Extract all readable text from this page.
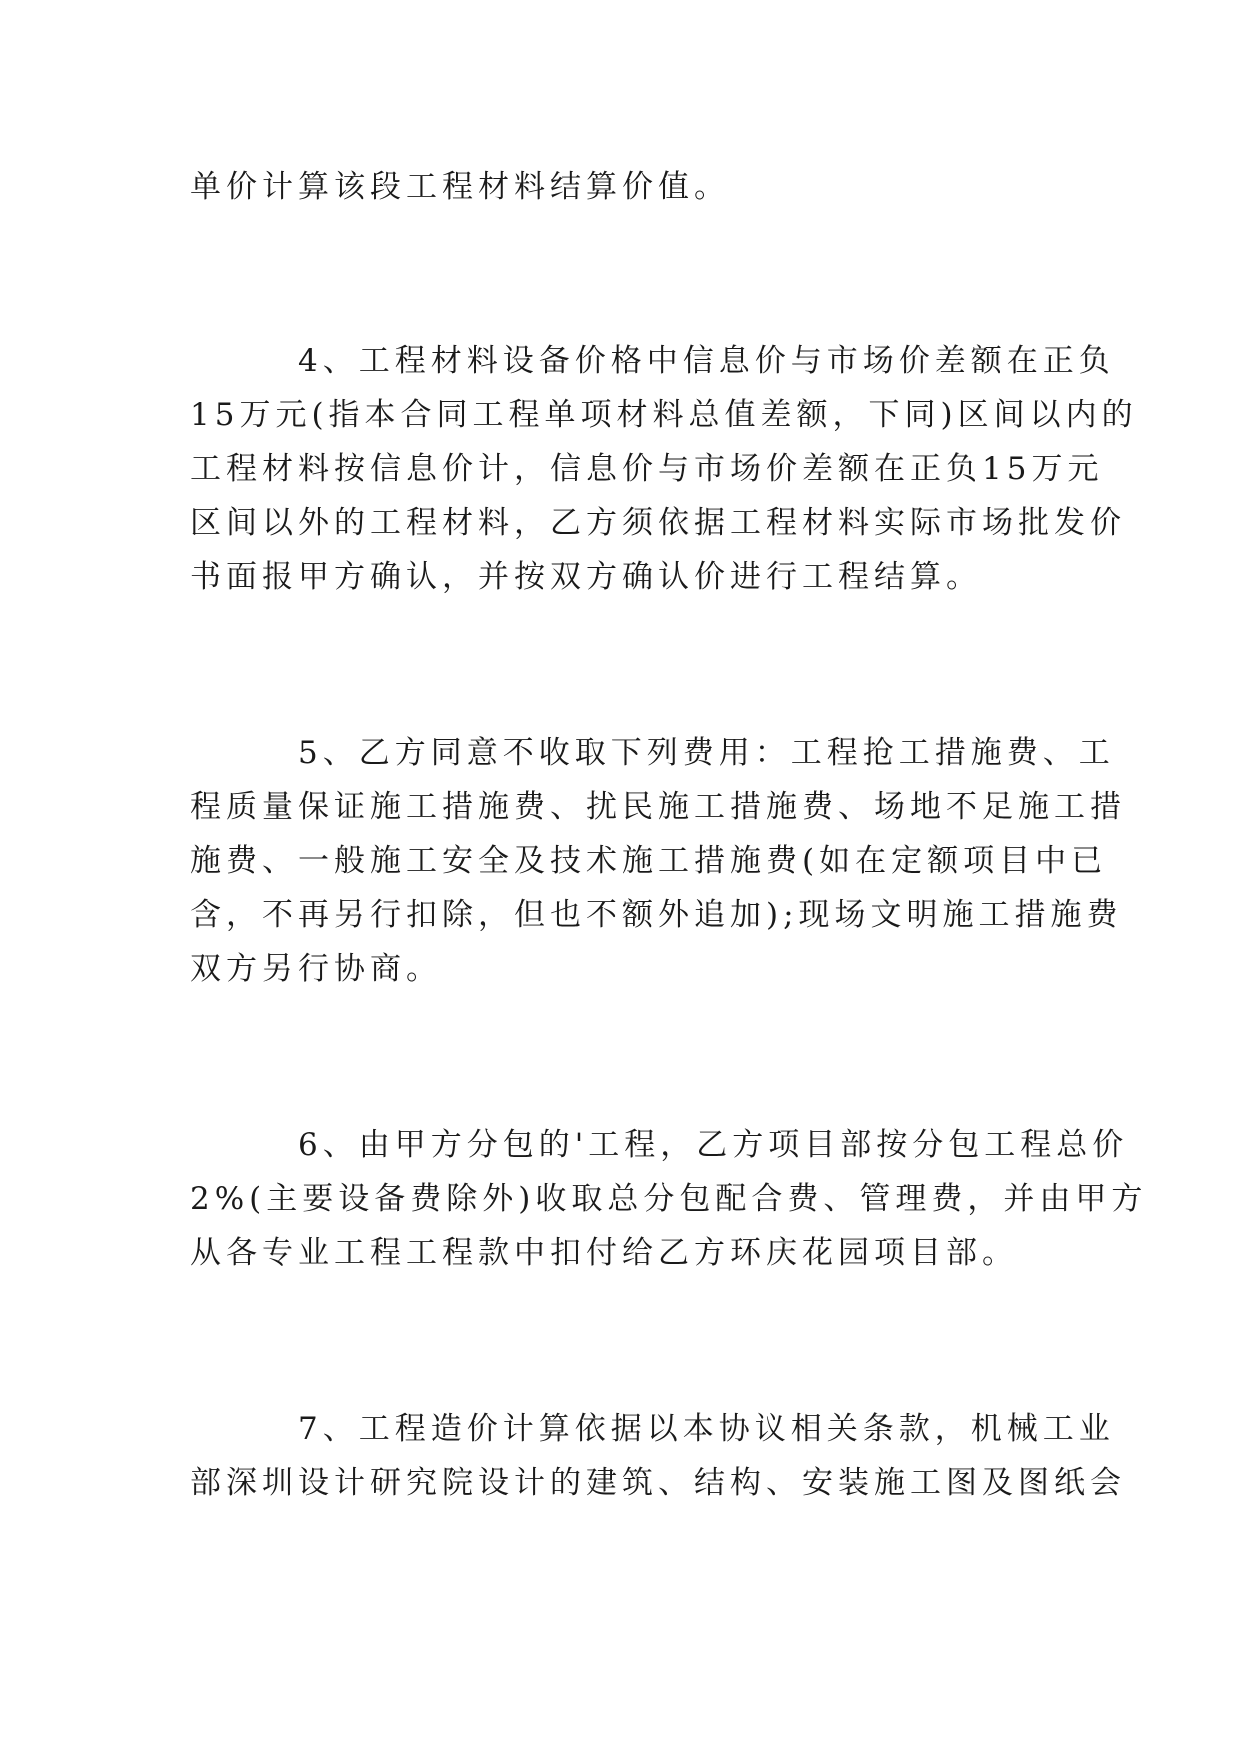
单价计算该段工程材料结算价值。
4、工程材料设备价格中信息价与市场价差额在正负
15万元(指本合同工程单项材料总值差额，下同)区间以内的
工程材料按信息价计，信息价与市场价差额在正负15万元
区间以外的工程材料，乙方须依据工程材料实际市场批发价
书面报甲方确认，并按双方确认价进行工程结算。
5、乙方同意不收取下列费用：工程抢工措施费、工
程质量保证施工措施费、扰民施工措施费、场地不足施工措
施费、一般施工安全及技术施工措施费(如在定额项目中已
含，不再另行扣除，但也不额外追加);现场文明施工措施费
双方另行协商。
6、由甲方分包的'工程，乙方项目部按分包工程总价
2%(主要设备费除外)收取总分包配合费、管理费，并由甲方
从各专业工程工程款中扣付给乙方环庆花园项目部。
7、工程造价计算依据以本协议相关条款，机械工业
部深圳设计研究院设计的建筑、结构、安装施工图及图纸会
